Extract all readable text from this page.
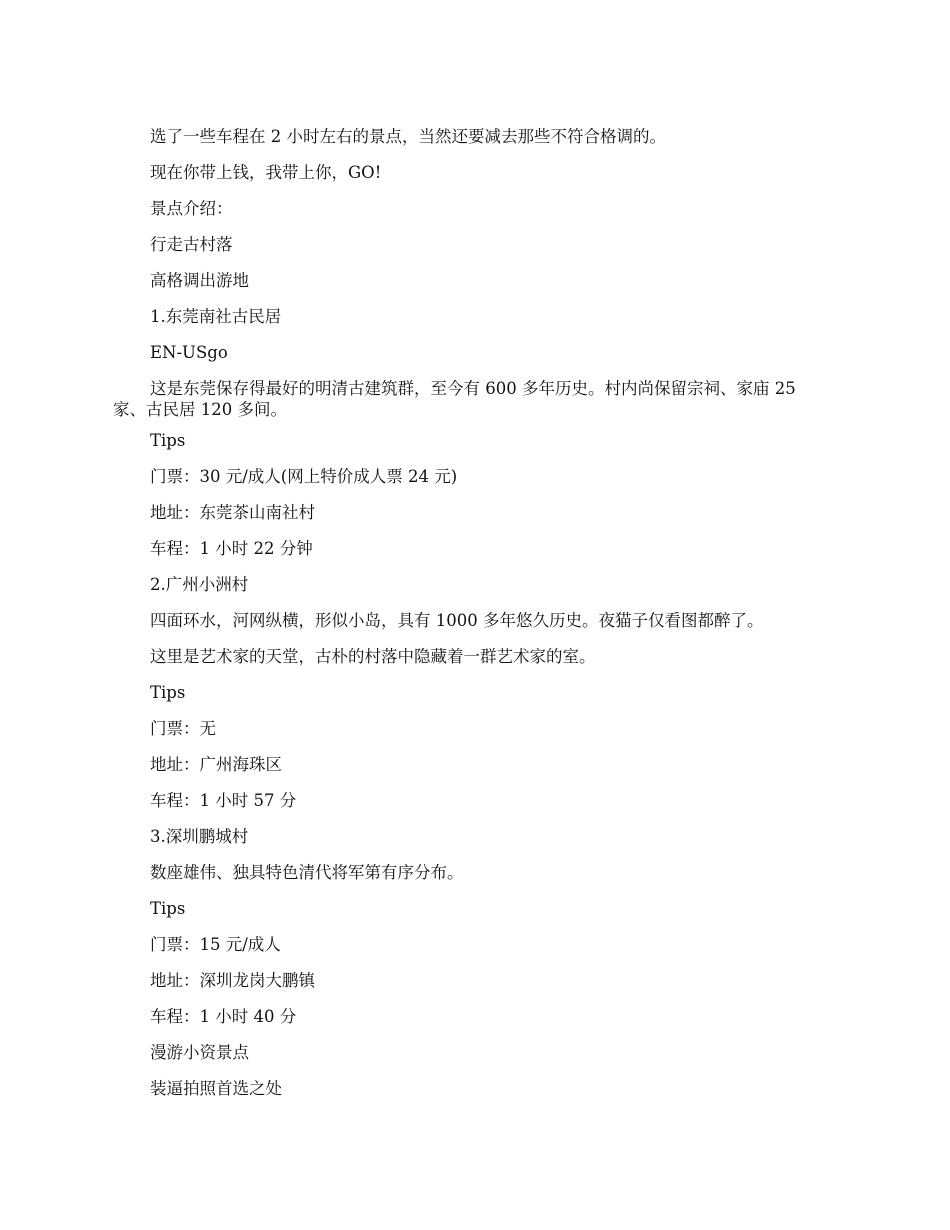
选了一些车程在 2 小时左右的景点，当然还要减去那些不符合格调的。

现在你带上钱，我带上你，GO!

景点介绍：

行走古村落

高格调出游地

1.东莞南社古民居

EN-USgo

这是东莞保存得最好的明清古建筑群，至今有 600 多年历史。村内尚保留宗祠、家庙 25 家、古民居 120 多间。

Tips

门票：30 元/成人(网上特价成人票 24 元)

地址：东莞茶山南社村

车程：1 小时 22 分钟

2.广州小洲村

四面环水，河网纵横，形似小岛，具有 1000 多年悠久历史。夜猫子仅看图都醉了。

这里是艺术家的天堂，古朴的村落中隐藏着一群艺术家的室。

Tips

门票：无

地址：广州海珠区

车程：1 小时 57 分

3.深圳鹏城村

数座雄伟、独具特色清代将军第有序分布。

Tips

门票：15 元/成人

地址：深圳龙岗大鹏镇

车程：1 小时 40 分

漫游小资景点

装逼拍照首选之处
